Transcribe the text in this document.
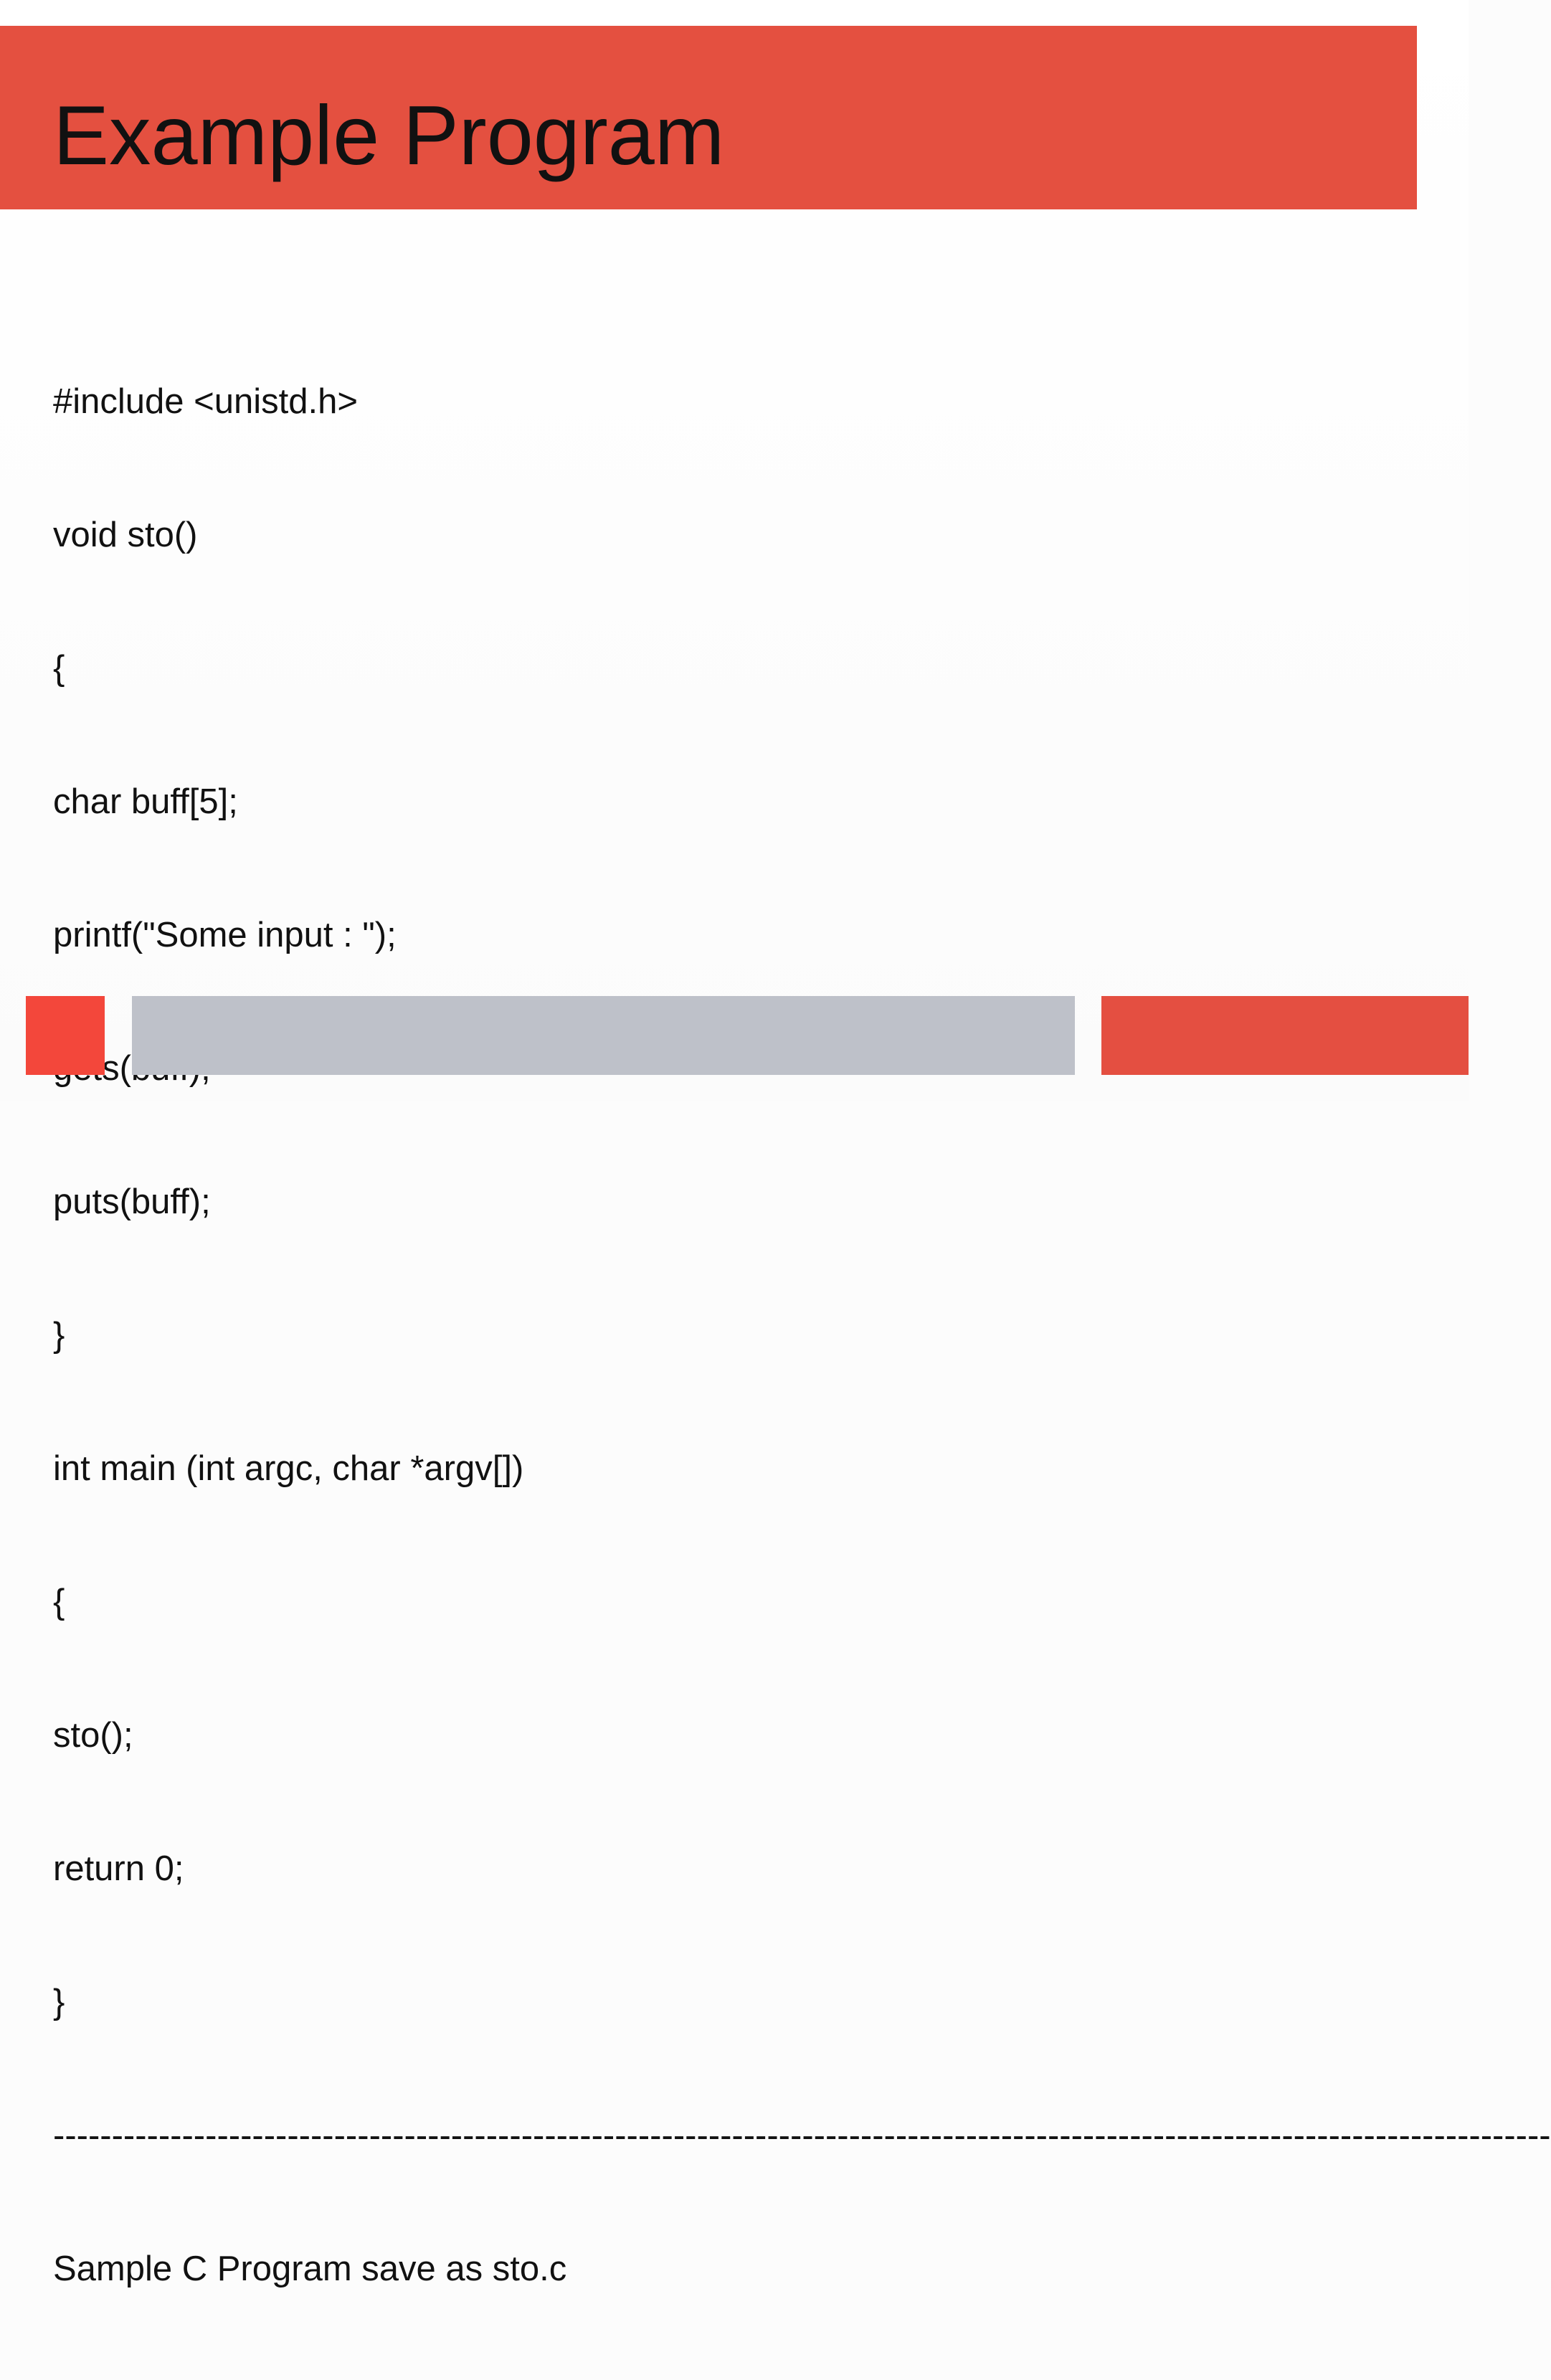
Example Program

#include <unistd.h>

void sto()

{

char buff[5];

printf("Some input : ");

puts(buff);

}

int main (int argc, char *argv[])

{

sto();

return 0;

}

--------------------------------------------------------------------------------------------------------------------------------

Sample C Program save as sto.c
